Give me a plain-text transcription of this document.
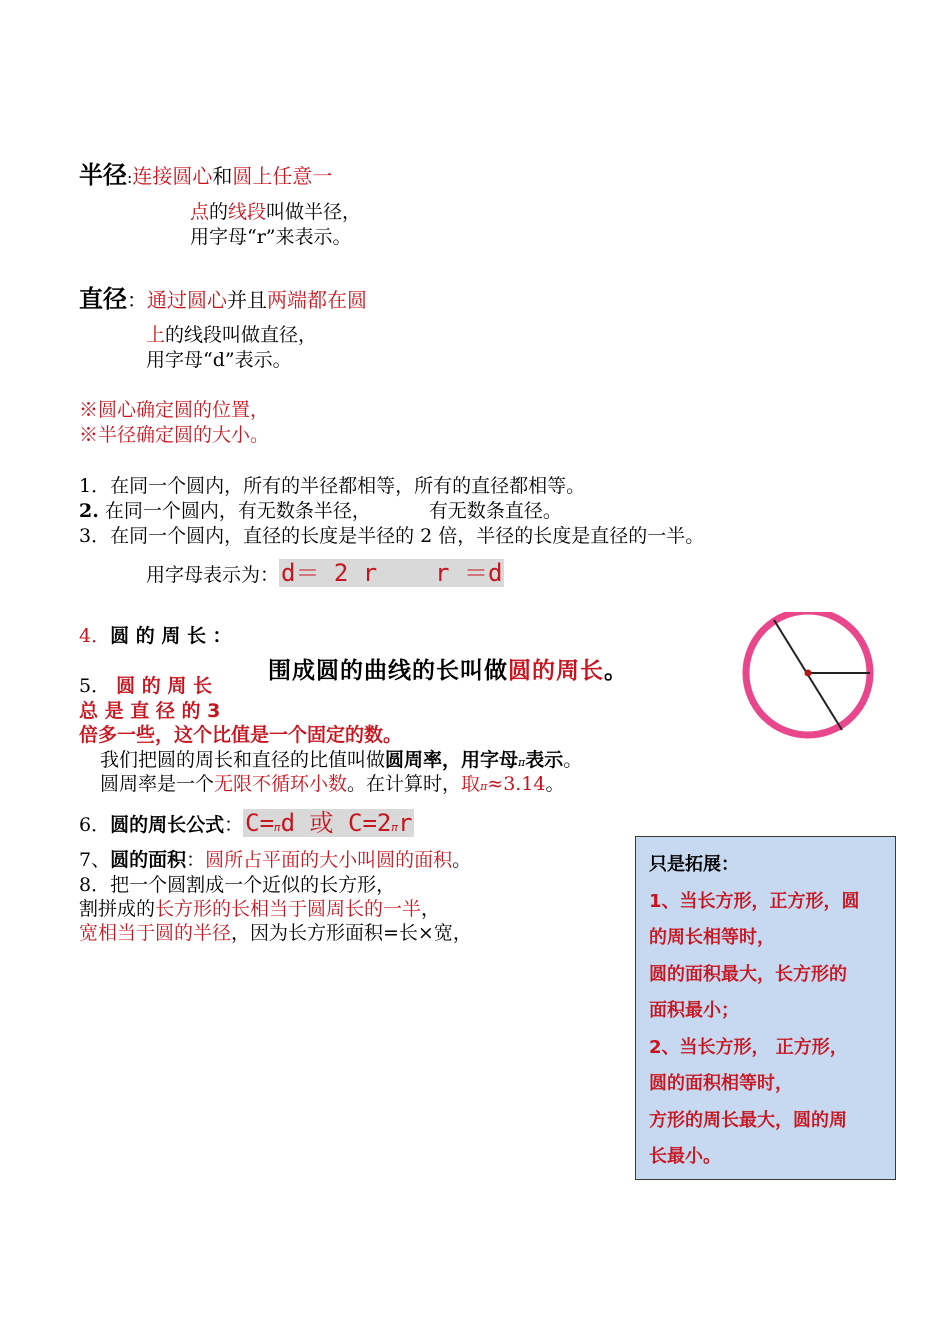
半径:连接圆心和圆上任意一
点的线段叫做半径，
用字母“r”来表示。
直径：通过圆心并且两端都在圆
上的线段叫做直径，
用字母“d”表示。
※圆心确定圆的位置，
※半径确定圆的大小。
1．在同一个圆内，所有的半径都相等，所有的直径都相等。
2. 在同一个圆内，有无数条半径，	有无数条直径。
3．在同一个圆内，直径的长度是半径的 2 倍，半径的长度是直径的一半。
用字母表示为：d＝ 2 r    r ＝d
4．圆 的 周 长 ：
围成圆的曲线的长叫做圆的周长。
5． 圆 的 周 长
总 是 直 径 的 3
倍多一些，这个比值是一个固定的数。
我们把圆的周长和直径的比值叫做圆周率，用字母π表示。
圆周率是一个无限不循环小数。在计算时，取π≈3.14。
6．圆的周长公式：C=πd 或 C=2πr
7、圆的面积：圆所占平面的大小叫圆的面积。
8．把一个圆割成一个近似的长方形，
割拼成的长方形的长相当于圆周长的一半，
宽相当于圆的半径，因为长方形面积=长×宽，
只是拓展：
1、当长方形，正方形，圆
的周长相等时，
圆的面积最大，长方形的
面积最小；
2、当长方形， 正方形，
圆的面积相等时，
方形的周长最大，圆的周
长最小。
